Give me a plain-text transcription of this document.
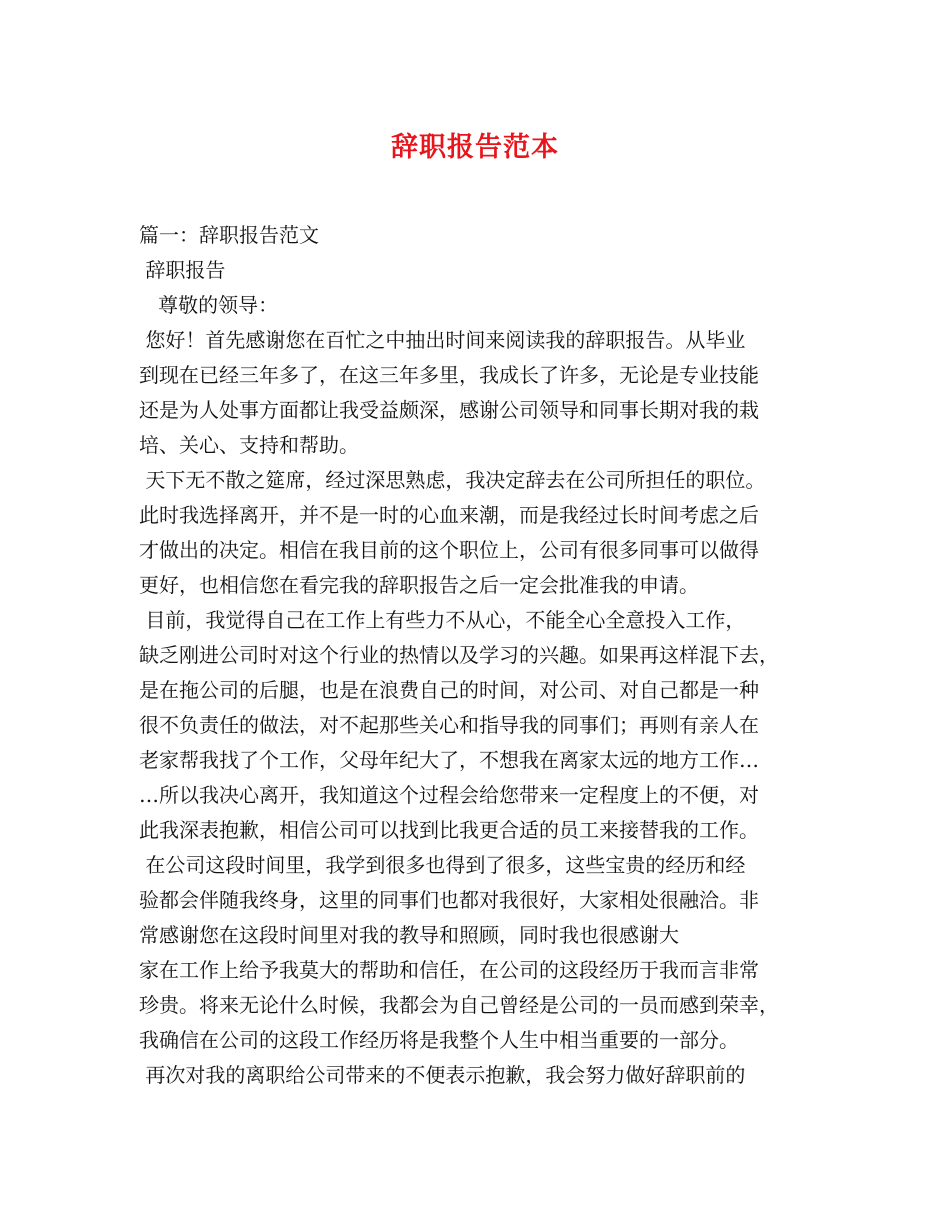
辞职报告范本
篇一：辞职报告范文
辞职报告
尊敬的领导：
您好！首先感谢您在百忙之中抽出时间来阅读我的辞职报告。从毕业
到现在已经三年多了，在这三年多里，我成长了许多，无论是专业技能
还是为人处事方面都让我受益颇深，感谢公司领导和同事长期对我的栽
培、关心、支持和帮助。
天下无不散之筵席，经过深思熟虑，我决定辞去在公司所担任的职位。
此时我选择离开，并不是一时的心血来潮，而是我经过长时间考虑之后
才做出的决定。相信在我目前的这个职位上，公司有很多同事可以做得
更好，也相信您在看完我的辞职报告之后一定会批准我的申请。
目前，我觉得自己在工作上有些力不从心，不能全心全意投入工作，
缺乏刚进公司时对这个行业的热情以及学习的兴趣。如果再这样混下去，
是在拖公司的后腿，也是在浪费自己的时间，对公司、对自己都是一种
很不负责任的做法，对不起那些关心和指导我的同事们；再则有亲人在
老家帮我找了个工作，父母年纪大了，不想我在离家太远的地方工作…
…所以我决心离开，我知道这个过程会给您带来一定程度上的不便，对
此我深表抱歉，相信公司可以找到比我更合适的员工来接替我的工作。
在公司这段时间里，我学到很多也得到了很多，这些宝贵的经历和经
验都会伴随我终身，这里的同事们也都对我很好，大家相处很融洽。非
常感谢您在这段时间里对我的教导和照顾，同时我也很感谢大
家在工作上给予我莫大的帮助和信任，在公司的这段经历于我而言非常
珍贵。将来无论什么时候，我都会为自己曾经是公司的一员而感到荣幸，
我确信在公司的这段工作经历将是我整个人生中相当重要的一部分。
再次对我的离职给公司带来的不便表示抱歉，我会努力做好辞职前的
